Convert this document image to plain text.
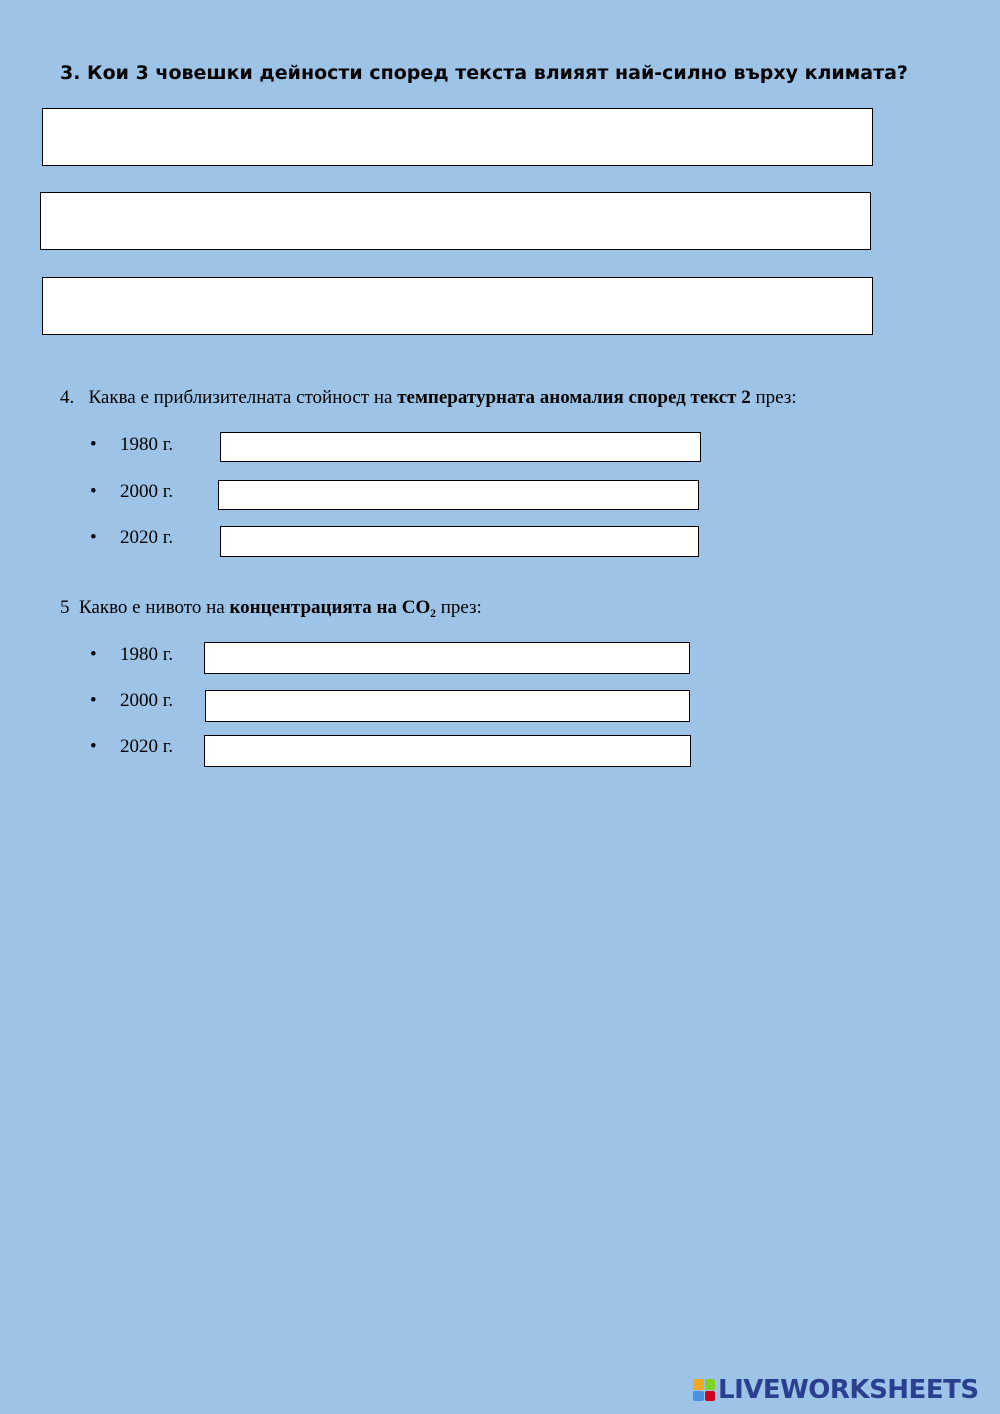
3. Кои 3 човешки дейности според текста влияят най-силно върху климата?
4. Каква е приблизителната стойност на температурната аномалия според текст 2 през:
• 1980 г.
• 2000 г.
• 2020 г.
5 Какво е нивото на концентрацията на CO₂ през:
• 1980 г.
• 2000 г.
• 2020 г.
LIVEWORKSHEETS
